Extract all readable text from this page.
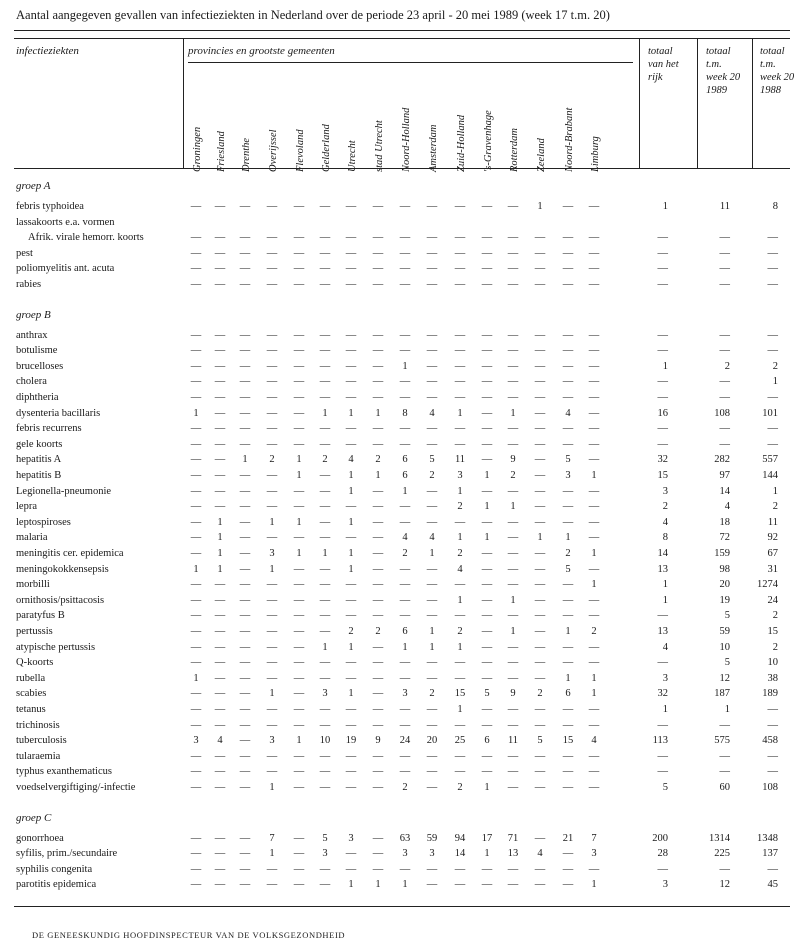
Aantal aangegeven gevallen van infectieziekten in Nederland over de periode 23 april - 20 mei 1989 (week 17 t.m. 20)
infectieziekten	provincies en grootste gemeenten
Groningen Friesland Drenthe Overijssel Flevoland Gelderland Utrecht stad Utrecht Noord-Holland Amsterdam Zuid-Holland 's-Gravenhage Rotterdam Zeeland Noord-Brabant Limburg
totaal
van het
rijk
totaal
t.m.
week 20
1989
totaal
t.m.
week 20
1988
groep A
febris typhoidea	—	—	—	—	—	—	—	—	—	—	—	—	—	1	—	—	1	11	8
lassakoorts e.a. vormen
Afrik. virale hemorr. koorts	—	—	—	—	—	—	—	—	—	—	—	—	—	—	—	—	—	—	—
pest	—	—	—	—	—	—	—	—	—	—	—	—	—	—	—	—	—	—	—
poliomyelitis ant. acuta	—	—	—	—	—	—	—	—	—	—	—	—	—	—	—	—	—	—	—
rabies	—	—	—	—	—	—	—	—	—	—	—	—	—	—	—	—	—	—	—
groep B
anthrax	—	—	—	—	—	—	—	—	—	—	—	—	—	—	—	—	—	—	—
botulisme	—	—	—	—	—	—	—	—	—	—	—	—	—	—	—	—	—	—	—
brucelloses	—	—	—	—	—	—	—	—	1	—	—	—	—	—	—	—	1	2	2
cholera	—	—	—	—	—	—	—	—	—	—	—	—	—	—	—	—	—	—	1
diphtheria	—	—	—	—	—	—	—	—	—	—	—	—	—	—	—	—	—	—	—
dysenteria bacillaris	1	—	—	—	—	1	1	1	8	4	1	—	1	—	4	—	16	108	101
febris recurrens	—	—	—	—	—	—	—	—	—	—	—	—	—	—	—	—	—	—	—
gele koorts	—	—	—	—	—	—	—	—	—	—	—	—	—	—	—	—	—	—	—
hepatitis A	—	—	1	2	1	2	4	2	6	5	11	—	9	—	5	—	32	282	557
hepatitis B	—	—	—	—	1	—	1	1	6	2	3	1	2	—	3	1	15	97	144
Legionella-pneumonie	—	—	—	—	—	—	1	—	1	—	1	—	—	—	—	—	3	14	1
lepra	—	—	—	—	—	—	—	—	—	—	2	1	1	—	—	—	2	4	2
leptospiroses	—	1	—	1	1	—	1	—	—	—	—	—	—	—	—	—	4	18	11
malaria	—	1	—	—	—	—	—	—	4	4	1	1	—	1	1	—	8	72	92
meningitis cer. epidemica	—	1	—	3	1	1	1	—	2	1	2	—	—	—	2	1	14	159	67
meningokokkensepsis	1	1	—	1	—	—	1	—	—	—	4	—	—	—	5	—	13	98	31
morbilli	—	—	—	—	—	—	—	—	—	—	—	—	—	—	—	1	1	20	1274
ornithosis/psittacosis	—	—	—	—	—	—	—	—	—	—	1	—	1	—	—	—	1	19	24
paratyfus B	—	—	—	—	—	—	—	—	—	—	—	—	—	—	—	—	—	5	2
pertussis	—	—	—	—	—	—	2	2	6	1	2	—	1	—	1	2	13	59	15
atypische pertussis	—	—	—	—	—	1	1	—	1	1	1	—	—	—	—	—	4	10	2
Q-koorts	—	—	—	—	—	—	—	—	—	—	—	—	—	—	—	—	—	5	10
rubella	1	—	—	—	—	—	—	—	—	—	—	—	—	—	1	1	3	12	38
scabies	—	—	—	1	—	3	1	—	3	2	15	5	9	2	6	1	32	187	189
tetanus	—	—	—	—	—	—	—	—	—	—	1	—	—	—	—	—	1	1	—
trichinosis	—	—	—	—	—	—	—	—	—	—	—	—	—	—	—	—	—	—	—
tuberculosis	3	4	—	3	1	10	19	9	24	20	25	6	11	5	15	4	113	575	458
tularaemia	—	—	—	—	—	—	—	—	—	—	—	—	—	—	—	—	—	—	—
typhus exanthematicus	—	—	—	—	—	—	—	—	—	—	—	—	—	—	—	—	—	—	—
voedselvergiftiging/-infectie	—	—	—	1	—	—	—	—	2	—	2	1	—	—	—	—	5	60	108
groep C
gonorrhoea	—	—	—	7	—	5	3	—	63	59	94	17	71	—	21	7	200	1314	1348
syfilis, prim./secundaire	—	—	—	1	—	3	—	—	3	3	14	1	13	4	—	3	28	225	137
syphilis congenita	—	—	—	—	—	—	—	—	—	—	—	—	—	—	—	—	—	—	—
parotitis epidemica	—	—	—	—	—	—	1	1	1	—	—	—	—	—	—	1	3	12	45
DE GENEESKUNDIG HOOFDINSPECTEUR VAN DE VOLKSGEZONDHEID
